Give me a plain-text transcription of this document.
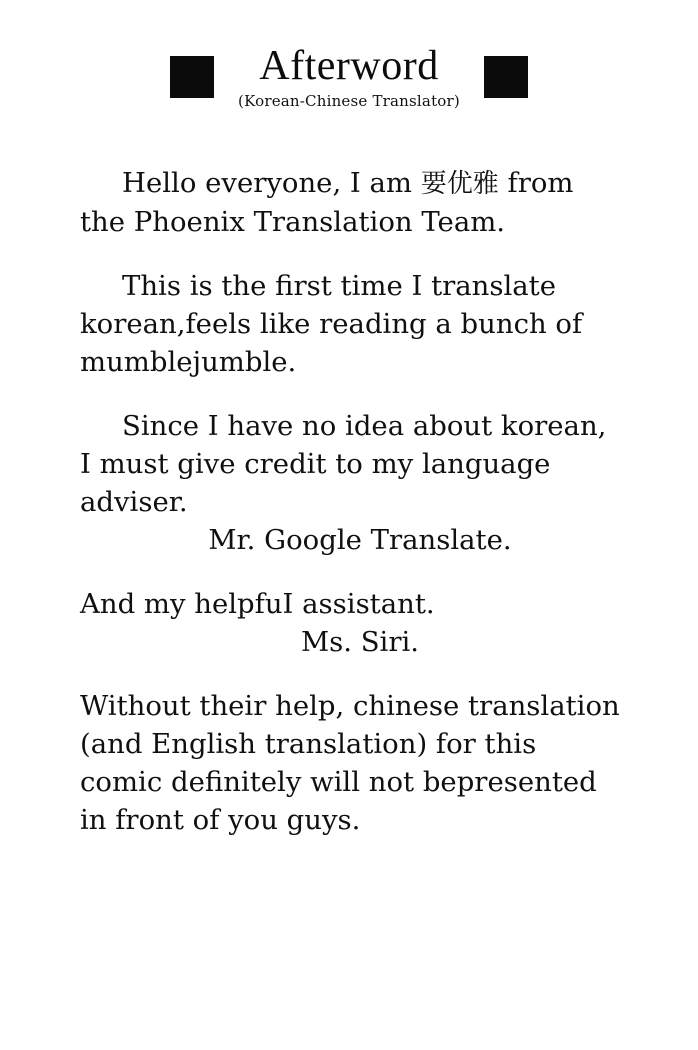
Afterword
(Korean-Chinese Translator)

Hello everyone, I am 要优雅 from the Phoenix Translation Team.

This is the first time I translate korean,feels like reading a bunch of mumblejumble.

Since I have no idea about korean, I must give credit to my language adviser.

Mr. Google Translate.

And my helpfuI assistant.

Ms. Siri.

Without their help, chinese translation (and English translation) for this comic definitely will not bepresented in front of you guys.
